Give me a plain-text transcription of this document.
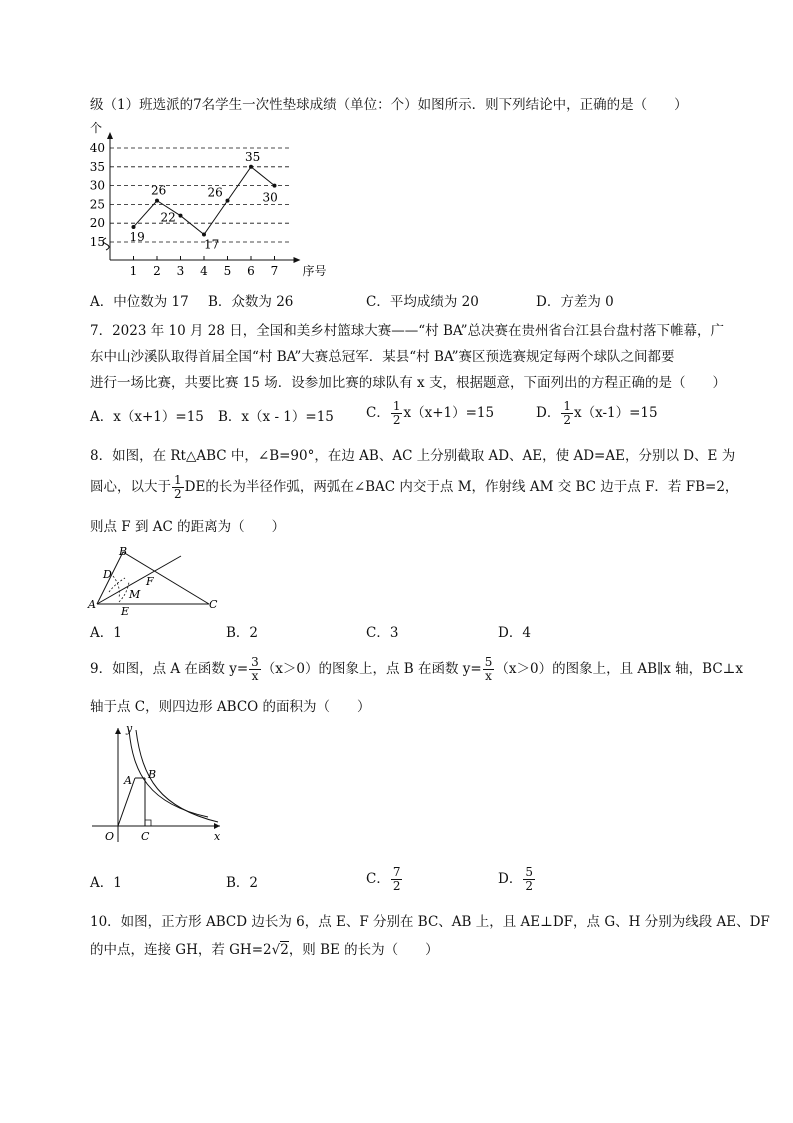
级（1）班选派的7名学生一次性垫球成绩（单位：个）如图所示．则下列结论中，正确的是（　　）
15
20
25
30
35
40
1 2 3 4 5 6 7
个
序号
19
26
22
17
26
35
30
A．中位数为 17 B．众数为 26	C．平均成绩为 20	D．方差为 0
7．2023 年 10 月 28 日，全国和美乡村篮球大赛——“村 BA”总决赛在贵州省台江县台盘村落下帷幕，广
东中山沙溪队取得首届全国“村 BA”大赛总冠军．某县“村 BA”赛区预选赛规定每两个球队之间都要
进行一场比赛，共要比赛 15 场．设参加比赛的球队有 x 支，根据题意，下面列出的方程正确的是（　　）
A．x（x+1）=15 B．x（x - 1）=15 C． $\frac{1}{2} x(x+1)=15$	D． $\frac{1}{2} x(x-1)=15$
8．如图，在 Rt△ABC 中，∠B=90°，在边 AB、AC 上分别截取 AD、AE，使 AD=AE，分别以 D、E 为
圆心，以大于 $\frac{1}{2}$ DE的长为半径作弧，两弧在∠BAC 内交于点 M，作射线 AM 交 BC 边于点 F．若 FB=2，
则点 F 到 AC 的距离为（　　）
B
D
F
M
A
E
C
A．1	B．2	C．3	D．4
9．如图，点 A 在函数 $y= \frac{3}{x} (x>0)$的图象上，点 B 在函数 $y= \frac{5}{x} (x>0)$的图象上，且 AB∥x 轴，BC⊥x
轴于点 C，则四边形 ABCO 的面积为（　　）
y
x
O
A B
C
A．1	B．2	C． $\frac{7}{2}$	D． $\frac{5}{2}$
10．如图，正方形 ABCD 边长为 6，点 E、F 分别在 BC、AB 上，且 AE⊥DF，点 G、H 分别为线段 AE、DF
的中点，连接 GH，若 GH=2√2，则 BE 的长为（　　）
